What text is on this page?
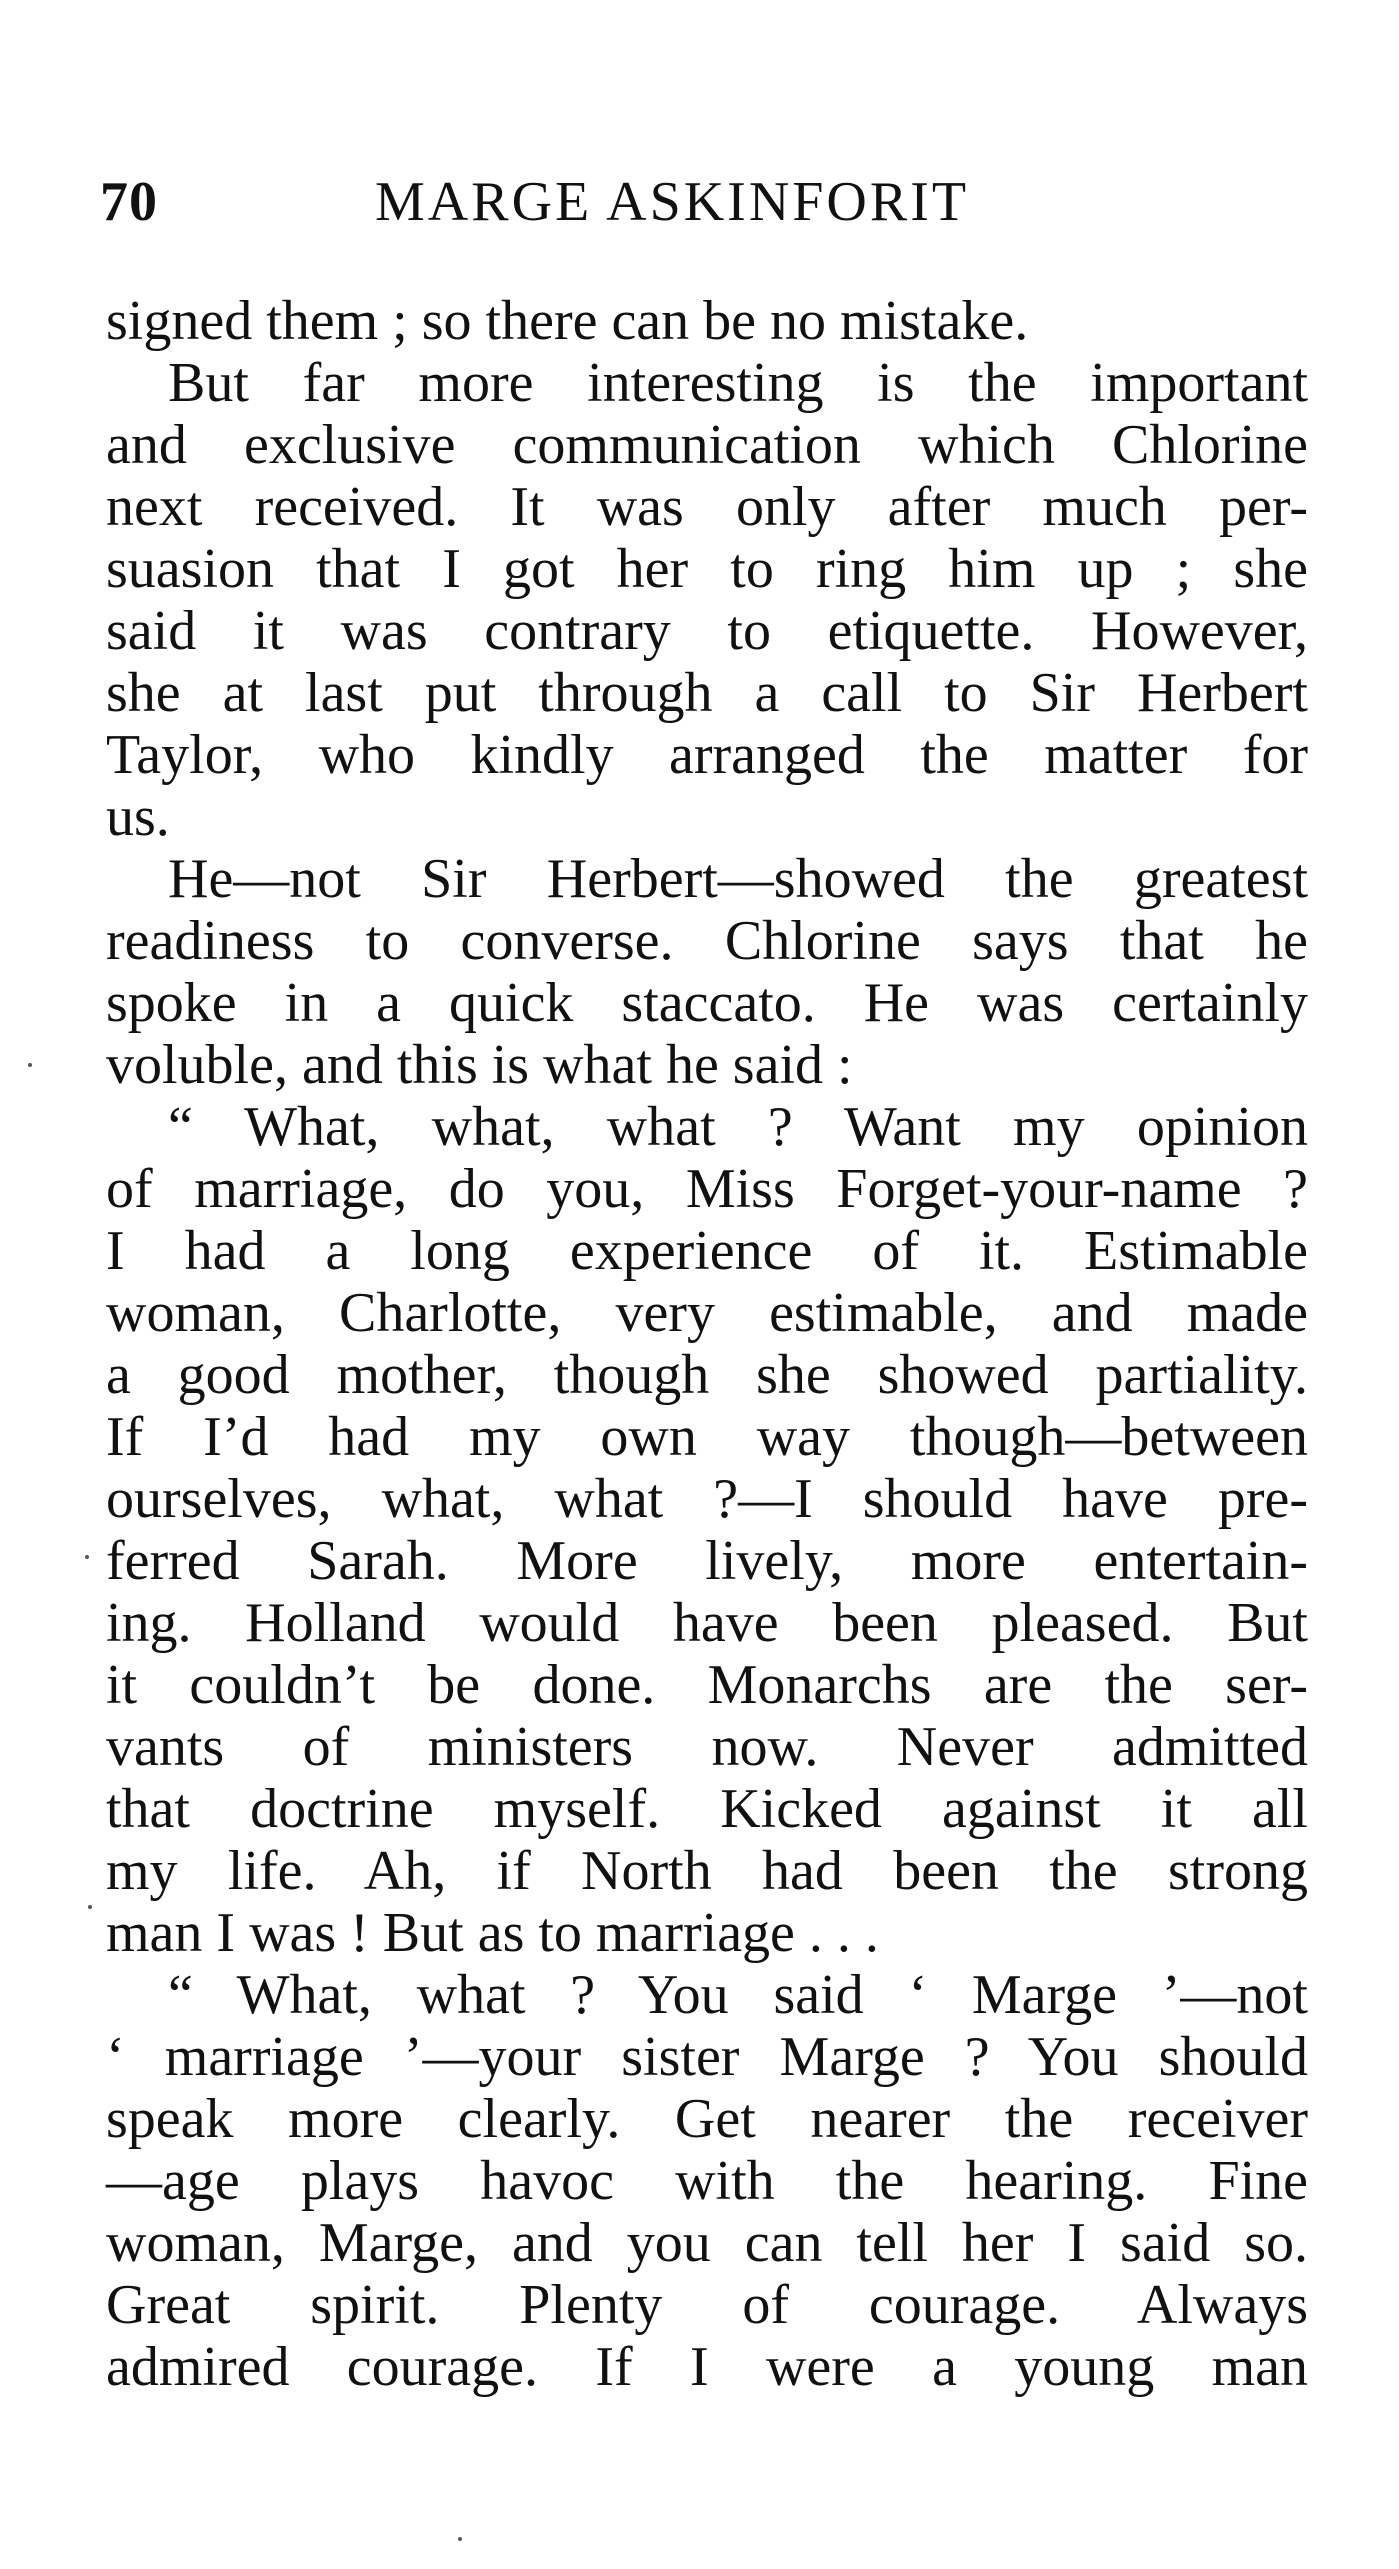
70	MARGE ASKINFORIT
signed them ; so there can be no mistake.
But far more interesting is the important
and exclusive communication which Chlorine
next received. It was only after much per-
suasion that I got her to ring him up ; she
said it was contrary to etiquette. However,
she at last put through a call to Sir Herbert
Taylor, who kindly arranged the matter for
us.
He—not Sir Herbert—showed the greatest
readiness to converse. Chlorine says that he
spoke in a quick staccato. He was certainly
voluble, and this is what he said :
“ What, what, what ? Want my opinion
of marriage, do you, Miss Forget-your-name ?
I had a long experience of it. Estimable
woman, Charlotte, very estimable, and made
a good mother, though she showed partiality.
If I’d had my own way though—between
ourselves, what, what ?—I should have pre-
ferred Sarah. More lively, more entertain-
ing. Holland would have been pleased. But
it couldn’t be done. Monarchs are the ser-
vants of ministers now. Never admitted
that doctrine myself. Kicked against it all
my life. Ah, if North had been the strong
man I was ! But as to marriage . . .
“ What, what ? You said ‘ Marge ’—not
‘ marriage ’—your sister Marge ? You should
speak more clearly. Get nearer the receiver
—age plays havoc with the hearing. Fine
woman, Marge, and you can tell her I said so.
Great spirit. Plenty of courage. Always
admired courage. If I were a young man
